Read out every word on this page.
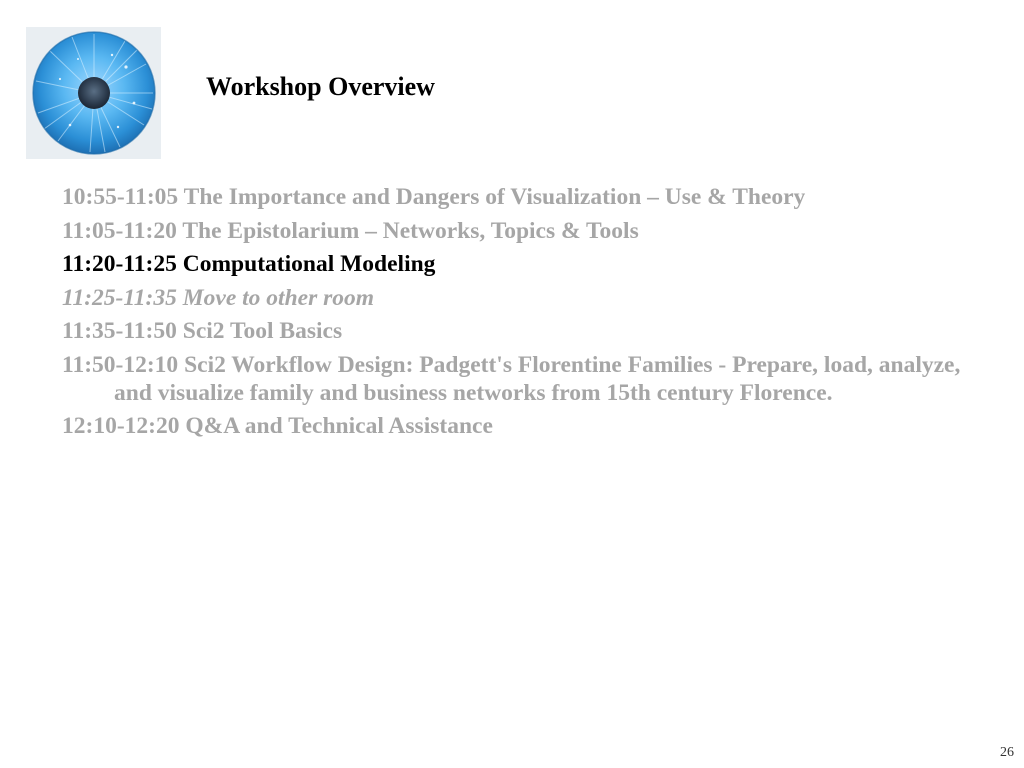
Workshop Overview
10:55-11:05 The Importance and Dangers of Visualization – Use & Theory
11:05-11:20 The Epistolarium – Networks, Topics & Tools
11:20-11:25 Computational Modeling
11:25-11:35 Move to other room
11:35-11:50 Sci2 Tool Basics
11:50-12:10 Sci2 Workflow Design: Padgett's Florentine Families - Prepare, load, analyze, and visualize family and business networks from 15th century Florence.
12:10-12:20 Q&A and Technical Assistance
26
